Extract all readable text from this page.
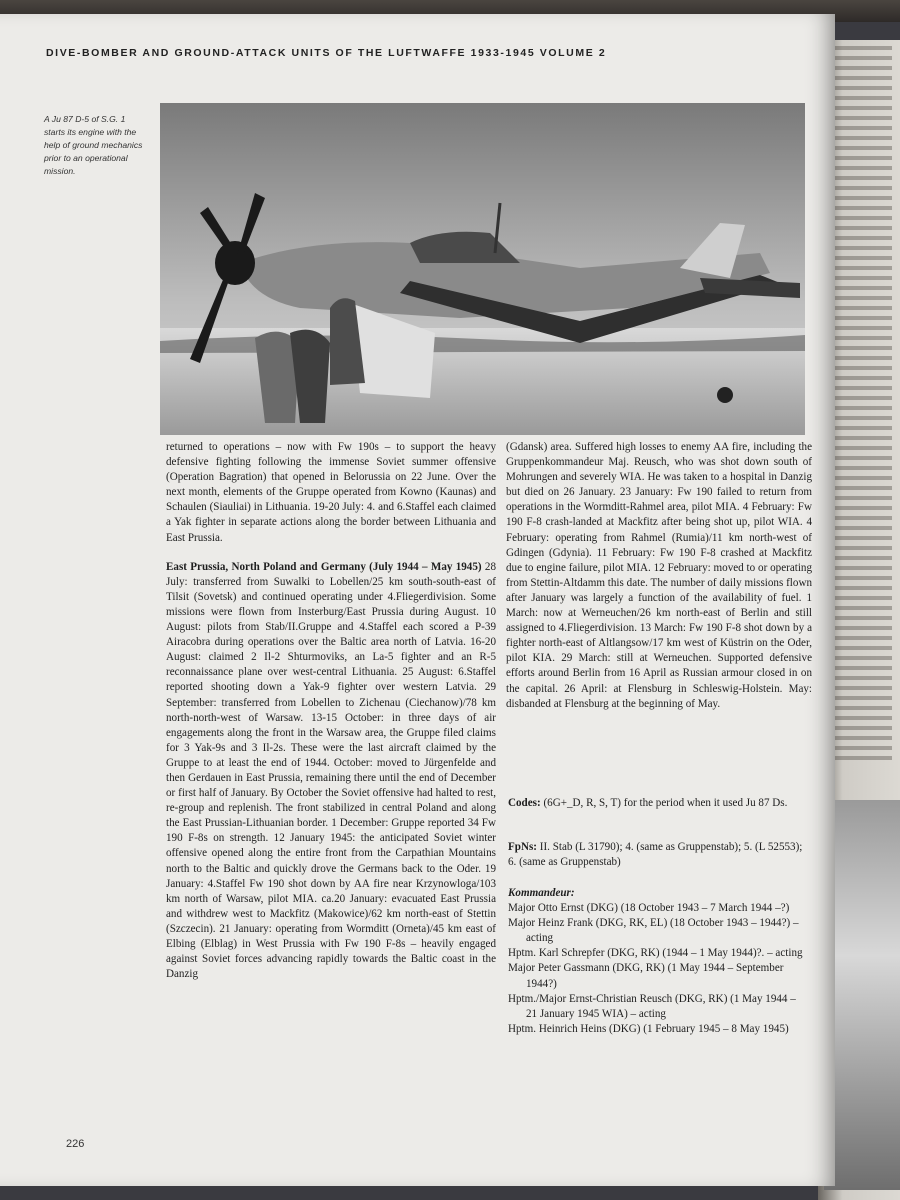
DIVE-BOMBER AND GROUND-ATTACK UNITS OF THE LUFTWAFFE 1933-1945 VOLUME 2
A Ju 87 D-5 of S.G. 1 starts its engine with the help of ground mechanics prior to an operational mission.

returned to operations – now with Fw 190s – to support the heavy defensive fighting following the immense Soviet summer offensive (Operation Bagration) that opened in Belorussia on 22 June. Over the next month, elements of the Gruppe operated from Kowno (Kaunas) and Schaulen (Siauliai) in Lithuania. 19-20 July: 4. and 6.Staffel each claimed a Yak fighter in separate actions along the border between Lithuania and East Prussia.

East Prussia, North Poland and Germany (July 1944 – May 1945) 28 July: transferred from Suwalki to Lobellen/25 km south-south-east of Tilsit (Sovetsk) and continued operating under 4.Fliegerdivision. Some missions were flown from Insterburg/East Prussia during August. 10 August: pilots from Stab/II.Gruppe and 4.Staffel each scored a P-39 Airacobra during operations over the Baltic area north of Latvia. 16-20 August: claimed 2 Il-2 Shturmoviks, an La-5 fighter and an R-5 reconnaissance plane over west-central Lithuania. 25 August: 6.Staffel reported shooting down a Yak-9 fighter over western Latvia. 29 September: transferred from Lobellen to Zichenau (Ciechanow)/78 km north-north-west of Warsaw. 13-15 October: in three days of air engagements along the front in the Warsaw area, the Gruppe filed claims for 3 Yak-9s and 3 Il-2s. These were the last aircraft claimed by the Gruppe to at least the end of 1944. October: moved to Jürgenfelde and then Gerdauen in East Prussia, remaining there until the end of December or first half of January. By October the Soviet offensive had halted to rest, re-group and replenish. The front stabilized in central Poland and along the East Prussian-Lithuanian border. 1 December: Gruppe reported 34 Fw 190 F-8s on strength. 12 January 1945: the anticipated Soviet winter offensive opened along the entire front from the Carpathian Mountains north to the Baltic and quickly drove the Germans back to the Oder. 19 January: 4.Staffel Fw 190 shot down by AA fire near Krzynowloga/103 km north of Warsaw, pilot MIA. ca.20 January: evacuated East Prussia and withdrew west to Mackfitz (Makowice)/62 km north-east of Stettin (Szczecin). 21 January: operating from Wormditt (Orneta)/45 km east of Elbing (Elblag) in West Prussia with Fw 190 F-8s – heavily engaged against Soviet forces advancing rapidly towards the Baltic coast in the Danzig

(Gdansk) area. Suffered high losses to enemy AA fire, including the Gruppenkommandeur Maj. Reusch, who was shot down south of Mohrungen and severely WIA. He was taken to a hospital in Danzig but died on 26 January. 23 January: Fw 190 failed to return from operations in the Wormditt-Rahmel area, pilot MIA. 4 February: Fw 190 F-8 crash-landed at Mackfitz after being shot up, pilot WIA. 4 February: operating from Rahmel (Rumia)/11 km north-west of Gdingen (Gdynia). 11 February: Fw 190 F-8 crashed at Mackfitz due to engine failure, pilot MIA. 12 February: moved to or operating from Stettin-Altdamm this date. The number of daily missions flown after January was largely a function of the availability of fuel. 1 March: now at Werneuchen/26 km north-east of Berlin and still assigned to 4.Fliegerdivision. 13 March: Fw 190 F-8 shot down by a fighter north-east of Altlangsow/17 km west of Küstrin on the Oder, pilot KIA. 29 March: still at Werneuchen. Supported defensive efforts around Berlin from 16 April as Russian armour closed in on the capital. 26 April: at Flensburg in Schleswig-Holstein. May: disbanded at Flensburg at the beginning of May.

Codes: (6G+_D, R, S, T) for the period when it used Ju 87 Ds.
FpNs: II. Stab (L 31790); 4. (same as Gruppenstab); 5. (L 52553); 6. (same as Gruppenstab)
Kommandeur:
Major Otto Ernst (DKG) (18 October 1943 – 7 March 1944 –?)
Major Heinz Frank (DKG, RK, EL) (18 October 1943 – 1944?) – acting
Hptm. Karl Schrepfer (DKG, RK) (1944 – 1 May 1944)?. – acting
Major Peter Gassmann (DKG, RK) (1 May 1944 – September 1944?)
Hptm./Major Ernst-Christian Reusch (DKG, RK) (1 May 1944 – 21 January 1945 WIA) – acting
Hptm. Heinrich Heins (DKG) (1 February 1945 – 8 May 1945)
226
